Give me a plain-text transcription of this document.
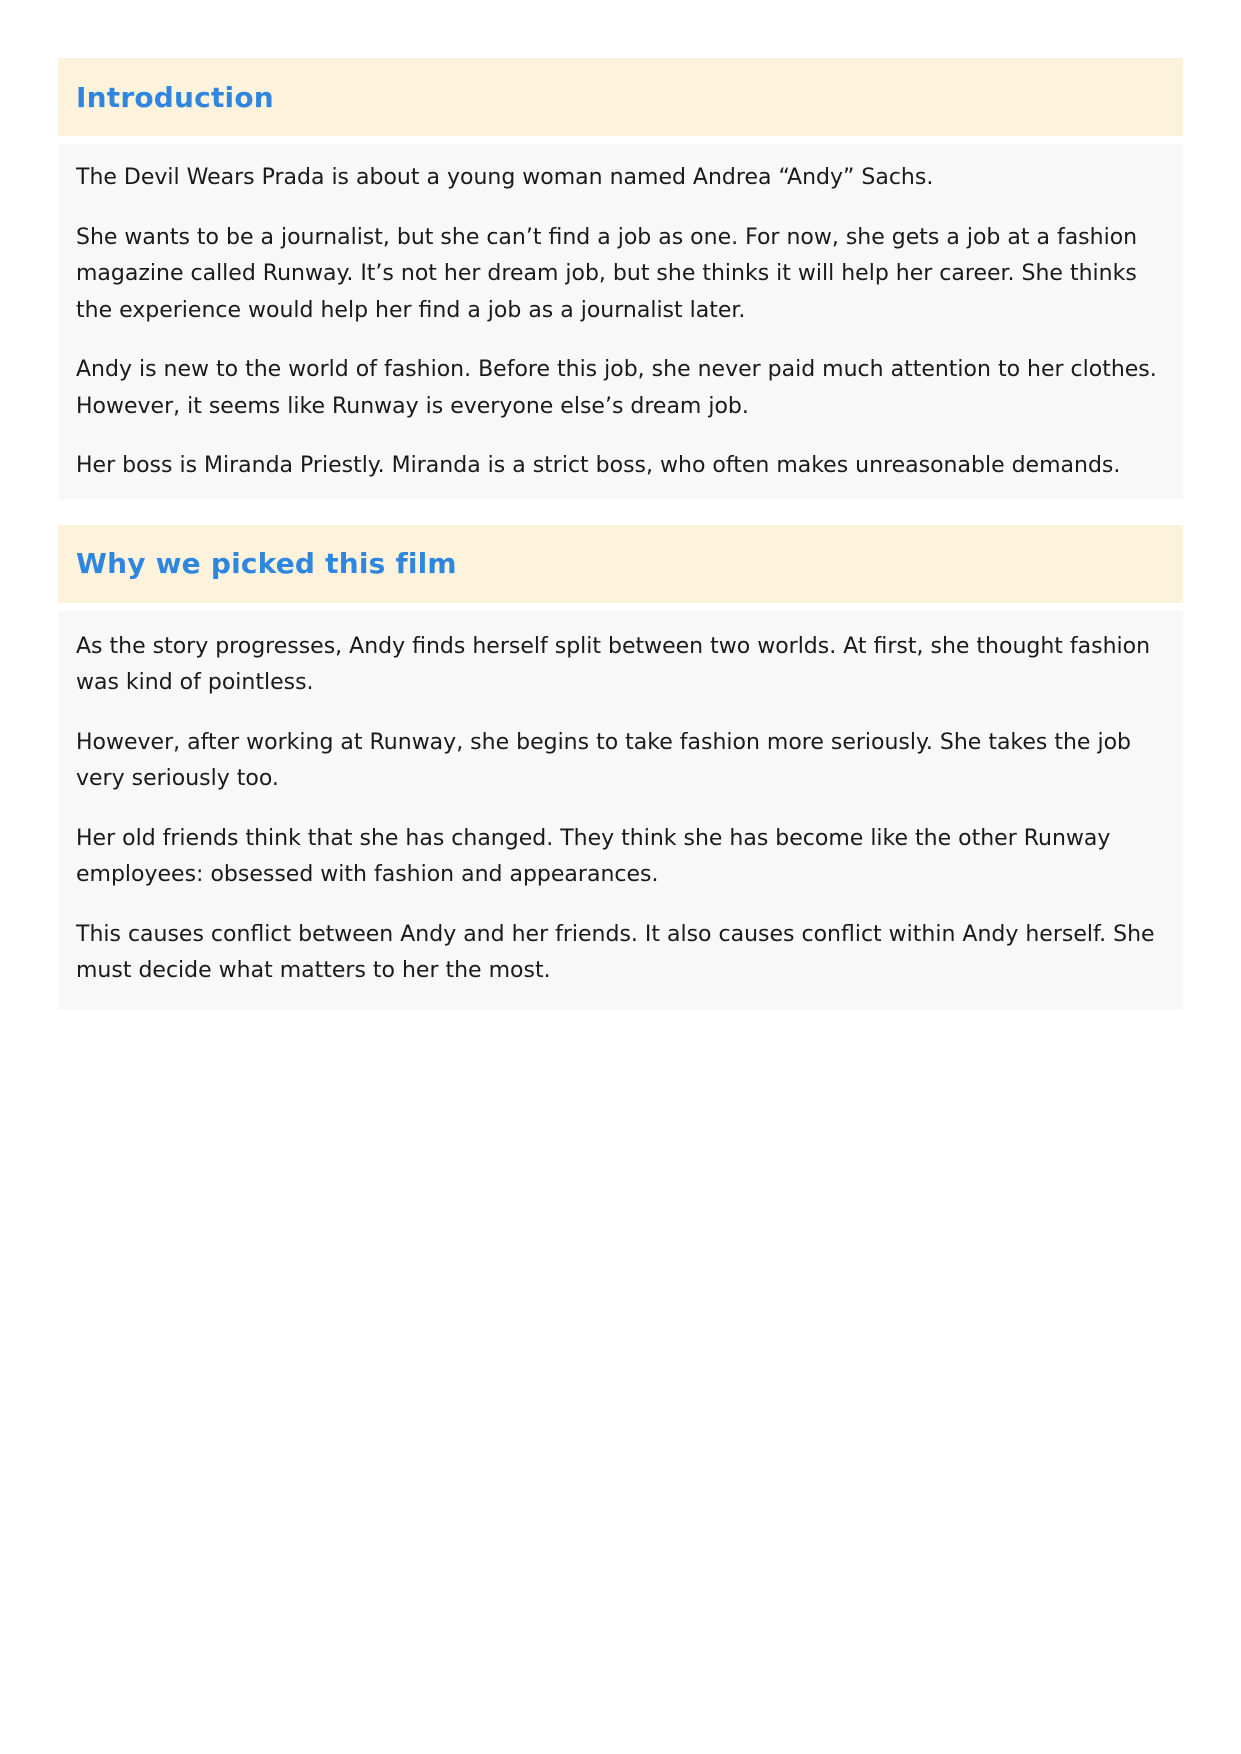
Introduction

The Devil Wears Prada is about a young woman named Andrea “Andy” Sachs.

She wants to be a journalist, but she can’t find a job as one. For now, she gets a job at a fashion magazine called Runway. It’s not her dream job, but she thinks it will help her career. She thinks the experience would help her find a job as a journalist later.

Andy is new to the world of fashion. Before this job, she never paid much attention to her clothes. However, it seems like Runway is everyone else’s dream job.

Her boss is Miranda Priestly. Miranda is a strict boss, who often makes unreasonable demands.

Why we picked this film

As the story progresses, Andy finds herself split between two worlds. At first, she thought fashion was kind of pointless.

However, after working at Runway, she begins to take fashion more seriously. She takes the job very seriously too.

Her old friends think that she has changed. They think she has become like the other Runway employees: obsessed with fashion and appearances.

This causes conflict between Andy and her friends. It also causes conflict within Andy herself. She must decide what matters to her the most.
